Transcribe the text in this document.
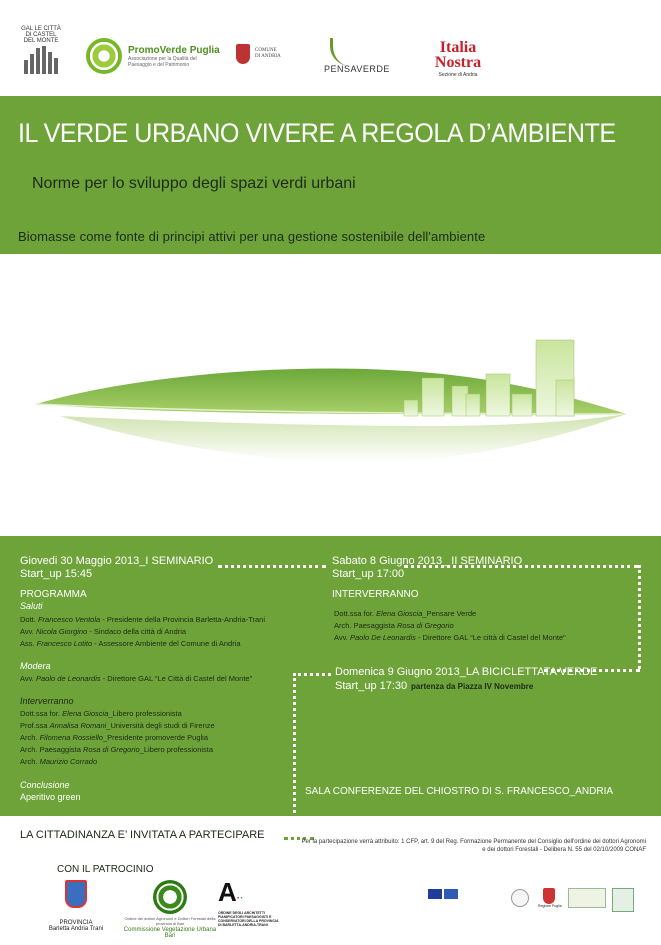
GAL LE CITTÀ DI CASTEL DEL MONTE
PromoVerde Puglia
Associazione per la Qualità del Paesaggio e del Patrimonio
COMUNE DI ANDRIA
PENSAVERDE
Italia Nostra
Sezione di Andria
IL VERDE URBANO VIVERE A REGOLA D’AMBIENTE
Norme per lo sviluppo degli spazi verdi urbani
Biomasse come fonte di principi attivi per una gestione sostenibile dell'ambiente
Giovedi 30 Maggio 2013_I SEMINARIO
Start_up 15:45
PROGRAMMA
Saluti
Dott. Francesco Ventola - Presidente della Provincia Barletta-Andria-Trani
Avv. Nicola Giorgino - Sindaco della città di Andria
Ass. Francesco Lotito - Assessore Ambiente del Comune di Andria
Modera
Avv. Paolo de Leonardis - Direttore GAL “Le Città di Castel del Monte”
Interverranno
Dott.ssa for. Elena Gioscia_Libero professionista
Prof.ssa Annalisa Romani_Università degli studi di Firenze
Arch. Filomena Rossiello_Presidente promoverde Puglia
Arch. Paesaggista Rosa di Gregorio_Libero professionista
Arch. Maurizio Corrado
Conclusione
Aperitivo green
Sabato 8 Giugno 2013_ II SEMINARIO
Start_up 17:00
INTERVERRANNO
Dott.ssa for. Elena Gioscia_Pensare Verde
Arch. Paesaggista Rosa di Gregorio
Avv. Paolo De Leonardis - Direttore GAL “Le città di Castel del Monte”
Domenica 9 Giugno 2013_LA BICICLETTATA VERDE
Start_up 17:30 partenza da Piazza IV Novembre
SALA CONFERENZE DEL CHIOSTRO DI S. FRANCESCO_ANDRIA
LA CITTADINANZA E’ INVITATA A PARTECIPARE
Per la partecipazione verrà attribuito: 1 CFP, art. 9 del Reg. Formazione Permanente del Consiglio dell'ordine dei dottori Agronomi e dei dottori Forestali - Delibera N. 55 del 02/10/2009 CONAF
CON IL PATROCINIO
PROVINCIA
Barletta Andria Trani
Ordine dei dottori Agronomi e Dottori Forestali della provincia di Bari
Commissione Vegetazione Urbana Bari
A··
ORDINE DEGLI ARCHITETTI PIANIFICATORI PAESAGGISTI E CONSERVATORI DELLA PROVINCIA DI BARLETTA-ANDRIA-TRANI
Regione Puglia
